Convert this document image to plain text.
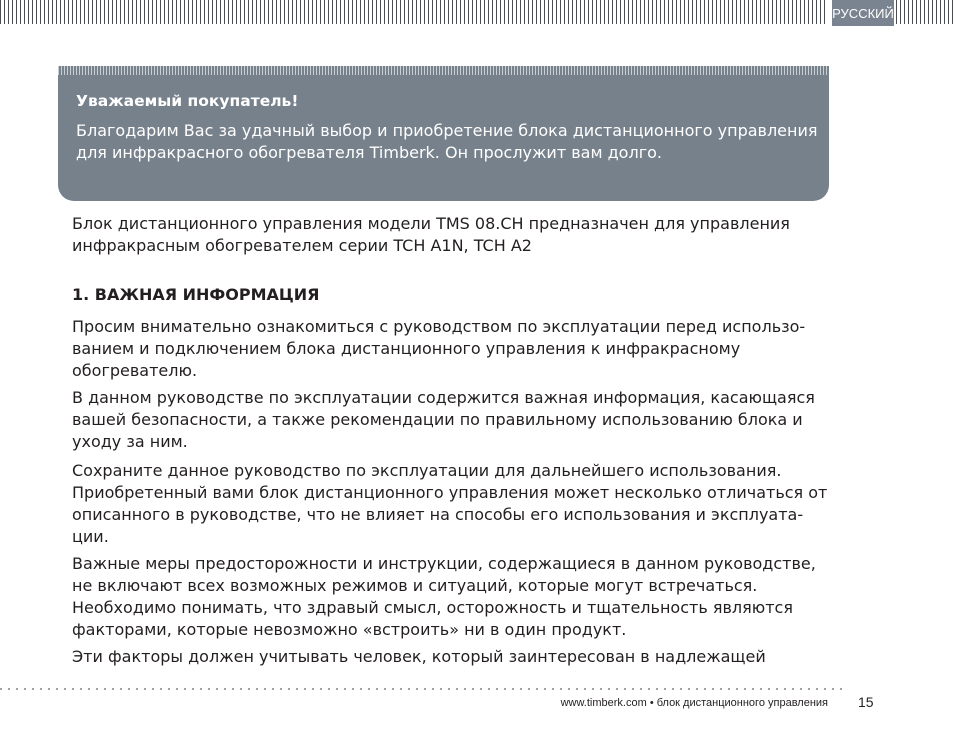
РУССКИЙ
Уважаемый покупатель!
Благодарим Вас за удачный выбор и приобретение блока дистанционного управления для инфракрасного обогревателя Timberk. Он прослужит вам долго.

Блок дистанционного управления модели TMS 08.CH предназначен для управления инфракрасным обогревателем серии TCH A1N, TCH A2

1. ВАЖНАЯ ИНФОРМАЦИЯ

Просим внимательно ознакомиться с руководством по эксплуатации перед использо-ванием и подключением блока дистанционного управления к инфракрасному обогревателю.

В данном руководстве по эксплуатации содержится важная информация, касающаяся вашей безопасности, а также рекомендации по правильному использованию блока и уходу за ним.

Сохраните данное руководство по эксплуатации для дальнейшего использования. Приобретенный вами блок дистанционного управления может несколько отличаться от описанного в руководстве, что не влияет на способы его использования и эксплуата-ции.

Важные меры предосторожности и инструкции, содержащиеся в данном руководстве, не включают всех возможных режимов и ситуаций, которые могут встречаться. Необходимо понимать, что здравый смысл, осторожность и тщательность являются факторами, которые невозможно «встроить» ни в один продукт.

Эти факторы должен учитывать человек, который заинтересован в надлежащей

www.timberk.com • блок дистанционного управления 15
